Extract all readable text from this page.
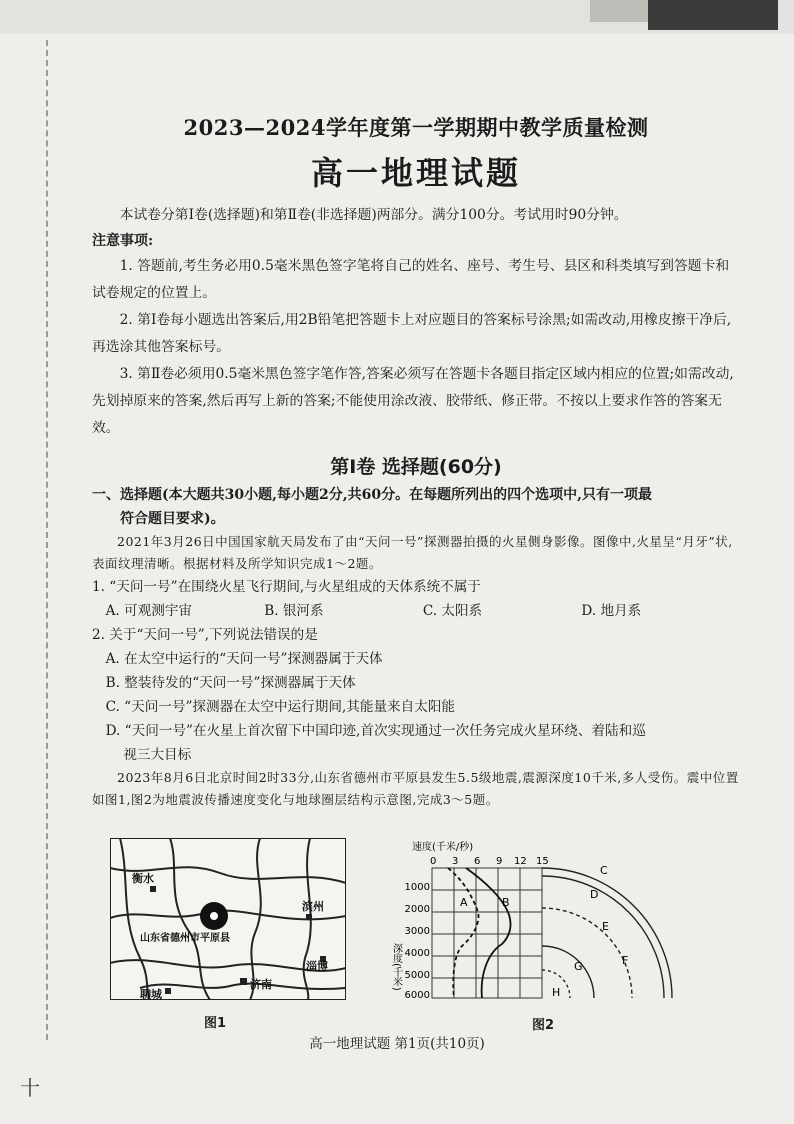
2023—2024学年度第一学期期中教学质量检测

高一地理试题

本试卷分第Ⅰ卷(选择题)和第Ⅱ卷(非选择题)两部分。满分100分。考试用时90分钟。

注意事项:

1. 答题前,考生务必用0.5毫米黑色签字笔将自己的姓名、座号、考生号、县区和科类填写到答题卡和试卷规定的位置上。

2. 第Ⅰ卷每小题选出答案后,用2B铅笔把答题卡上对应题目的答案标号涂黑;如需改动,用橡皮擦干净后,再选涂其他答案标号。

3. 第Ⅱ卷必须用0.5毫米黑色签字笔作答,答案必须写在答题卡各题目指定区域内相应的位置;如需改动,先划掉原来的答案,然后再写上新的答案;不能使用涂改液、胶带纸、修正带。不按以上要求作答的答案无效。

第Ⅰ卷 选择题(60分)

一、选择题(本大题共30小题,每小题2分,共60分。在每题所列出的四个选项中,只有一项最
符合题目要求)。

2021年3月26日中国国家航天局发布了由“天问一号”探测器拍摄的火星侧身影像。图像中,火星呈“月牙”状,表面纹理清晰。根据材料及所学知识完成1～2题。

1. “天问一号”在围绕火星飞行期间,与火星组成的天体系统不属于

A. 可观测宇宙	B. 银河系	C. 太阳系	D. 地月系

2. 关于“天问一号”,下列说法错误的是

A. 在太空中运行的“天问一号”探测器属于天体

B. 整装待发的“天问一号”探测器属于天体

C. “天问一号”探测器在太空中运行期间,其能量来自太阳能

D. “天问一号”在火星上首次留下中国印迹,首次实现通过一次任务完成火星环绕、着陆和巡

视三大目标

2023年8月6日北京时间2时33分,山东省德州市平原县发生5.5级地震,震源深度10千米,多人受伤。震中位置如图1,图2为地震波传播速度变化与地球圈层结构示意图,完成3～5题。

衡水
山东省德州市平原县
滨州
淄博
聊城
济南
速度(千米/秒)
0 3 6 9 12 15
1000
2000
3000
4000
5000
6000
深度(千米)
A	B
C
D
E
F
G
H
图1	图2
高一地理试题 第1页(共10页)
十
